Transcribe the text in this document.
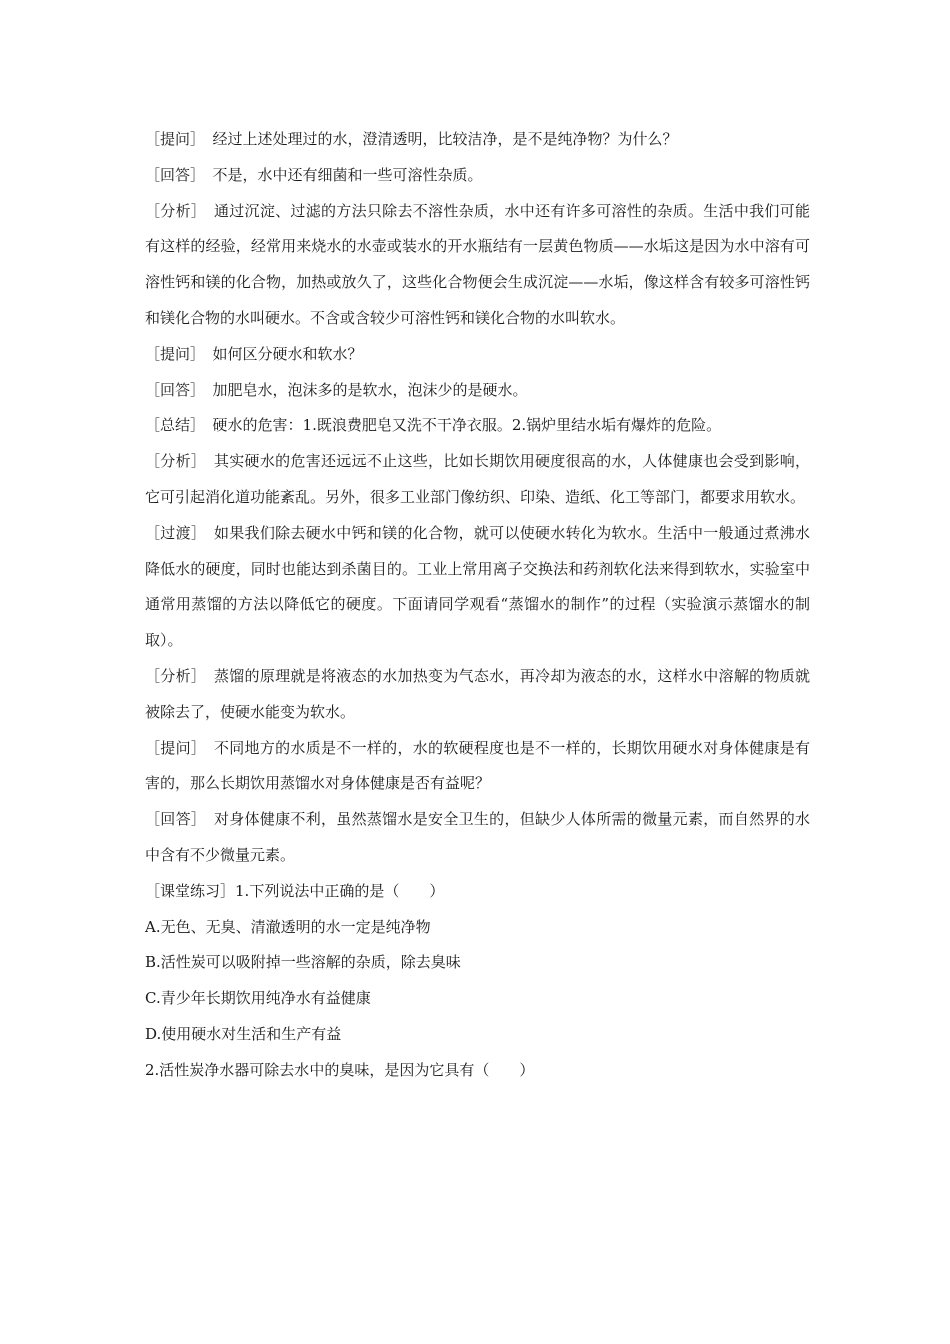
［提问］　 经过上述处理过的水，澄清透明，比较洁净，是不是纯净物？为什么？

［回答］　 不是，水中还有细菌和一些可溶性杂质。

［分析］　 通过沉淀、过滤的方法只除去不溶性杂质，水中还有许多可溶性的杂质。生活中我们可能有这样的经验，经常用来烧水的水壶或装水的开水瓶结有一层黄色物质——水垢这是因为水中溶有可溶性钙和镁的化合物，加热或放久了，这些化合物便会生成沉淀——水垢，像这样含有较多可溶性钙和镁化合物的水叫硬水。不含或含较少可溶性钙和镁化合物的水叫软水。

［提问］　 如何区分硬水和软水？

［回答］　 加肥皂水，泡沫多的是软水，泡沫少的是硬水。

［总结］　 硬水的危害：1.既浪费肥皂又洗不干净衣服。2.锅炉里结水垢有爆炸的危险。

［分析］　 其实硬水的危害还远远不止这些，比如长期饮用硬度很高的水，人体健康也会受到影响，它可引起消化道功能紊乱。另外，很多工业部门像纺织、印染、造纸、化工等部门，都要求用软水。

［过渡］　 如果我们除去硬水中钙和镁的化合物，就可以使硬水转化为软水。生活中一般通过煮沸水降低水的硬度，同时也能达到杀菌目的。工业上常用离子交换法和药剂软化法来得到软水，实验室中通常用蒸馏的方法以降低它的硬度。下面请同学观看“蒸馏水的制作”的过程（实验演示蒸馏水的制取）。

［分析］　 蒸馏的原理就是将液态的水加热变为气态水，再冷却为液态的水，这样水中溶解的物质就被除去了，使硬水能变为软水。

［提问］　 不同地方的水质是不一样的，水的软硬程度也是不一样的，长期饮用硬水对身体健康是有害的，那么长期饮用蒸馏水对身体健康是否有益呢？

［回答］　 对身体健康不利，虽然蒸馏水是安全卫生的，但缺少人体所需的微量元素，而自然界的水中含有不少微量元素。

［课堂练习］1.下列说法中正确的是（　　）

A.无色、无臭、清澈透明的水一定是纯净物

B.活性炭可以吸附掉一些溶解的杂质，除去臭味

C.青少年长期饮用纯净水有益健康

D.使用硬水对生活和生产有益

2.活性炭净水器可除去水中的臭味，是因为它具有（　　）
